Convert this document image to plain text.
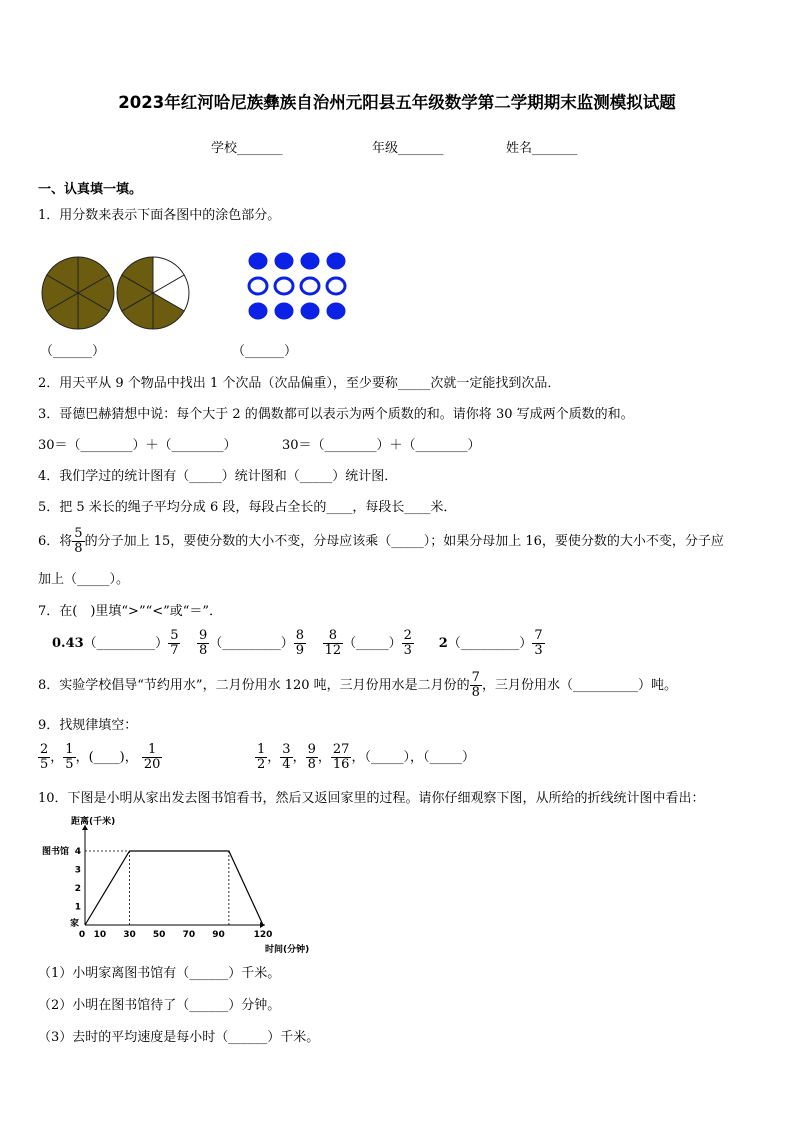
2023年红河哈尼族彝族自治州元阳县五年级数学第二学期期末监测模拟试题
学校_______	年级_______	姓名_______
一、认真填一填。
1．用分数来表示下面各图中的涂色部分。
（______）	（______）
2．用天平从 9 个物品中找出 1 个次品（次品偏重），至少要称_____次就一定能找到次品．
3．哥德巴赫猜想中说：每个大于 2 的偶数都可以表示为两个质数的和。请你将 30 写成两个质数的和。
30＝（________）＋（________）	30＝（________）＋（________）
4．我们学过的统计图有（_____）统计图和（_____）统计图．
5．把 5 米长的绳子平均分成 6 段，每段占全长的____，每段长____米．
6．将 $\frac{5}{8}$ 的分子加上 15，要使分数的大小不变，分母应该乘（_____）；如果分母加上 16，要使分数的大小不变，分子应
加上（_____）。
7．在(　)里填“>”“<”或“＝”．
0.43（_________） $\frac{5}{7}$
$\frac{9}{8}$ （_________） $\frac{8}{9}$
$\frac{8}{12}$ （_____） $\frac{2}{3}$ 2（_________） $\frac{7}{3}$
8．实验学校倡导“节约用水”，二月份用水 120 吨，三月份用水是二月份的 $\frac{7}{8}$ ，三月份用水（__________）吨。
9．找规律填空：
$\frac{2}{5}$ ， $\frac{1}{5}$ ，(____)， $\frac{1}{20}$	$\frac{1}{2}$ ， $\frac{3}{4}$ ， $\frac{9}{8}$ ， $\frac{27}{16}$ ，（_____），（_____）
10．下图是小明从家出发去图书馆看书，然后又返回家里的过程。请你仔细观察下图，从所给的折线统计图中看出：
0 10 30 50 70 90	120
1
2
3
4
图书馆
家
距离(千米)
时间(分钟)
（1）小明家离图书馆有（______）千米。
（2）小明在图书馆待了（______）分钟。
（3）去时的平均速度是每小时（______）千米。
